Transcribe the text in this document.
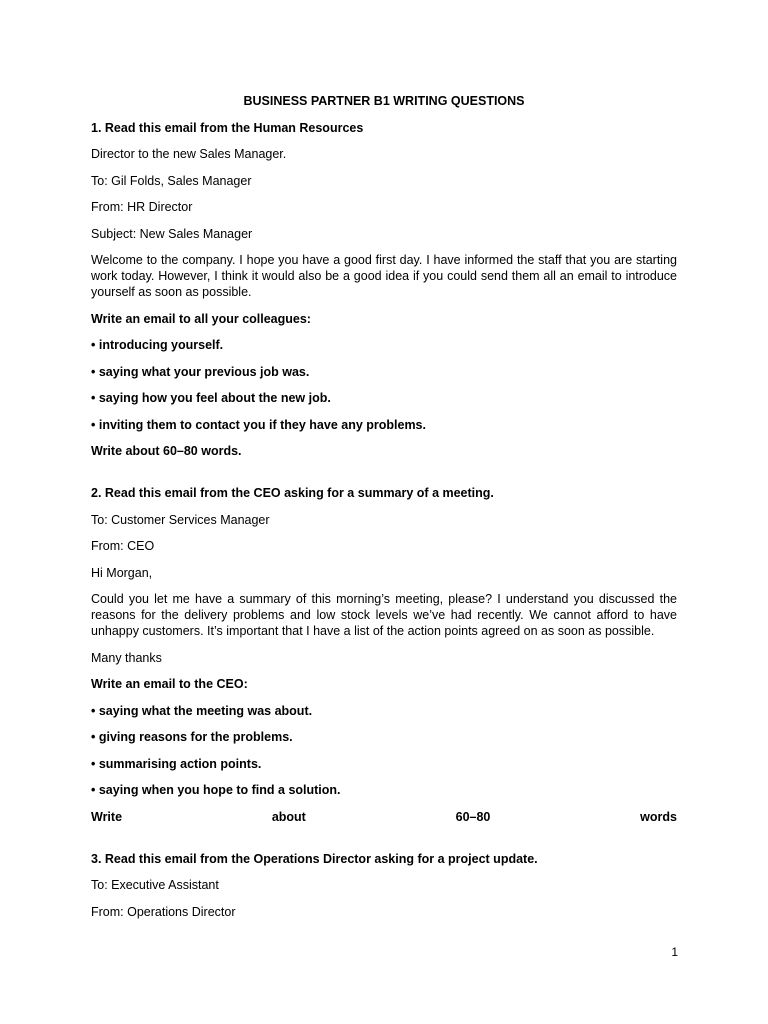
BUSINESS PARTNER B1 WRITING QUESTIONS

1. Read this email from the Human Resources

Director to the new Sales Manager.

To: Gil Folds, Sales Manager

From: HR Director

Subject: New Sales Manager

Welcome to the company. I hope you have a good first day. I have informed the staff that you are starting work today. However, I think it would also be a good idea if you could send them all an email to introduce yourself as soon as possible.

Write an email to all your colleagues:

• introducing yourself.

• saying what your previous job was.

• saying how you feel about the new job.

• inviting them to contact you if they have any problems.

Write about 60–80 words.

2. Read this email from the CEO asking for a summary of a meeting.

To: Customer Services Manager

From: CEO

Hi Morgan,

Could you let me have a summary of this morning’s meeting, please? I understand you discussed the reasons for the delivery problems and low stock levels we’ve had recently. We cannot afford to have unhappy customers. It’s important that I have a list of the action points agreed on as soon as possible.

Many thanks

Write an email to the CEO:

• saying what the meeting was about.

• giving reasons for the problems.

• summarising action points.

• saying when you hope to find a solution.

Write	about	60–80	words

3. Read this email from the Operations Director asking for a project update.

To: Executive Assistant

From: Operations Director

1
